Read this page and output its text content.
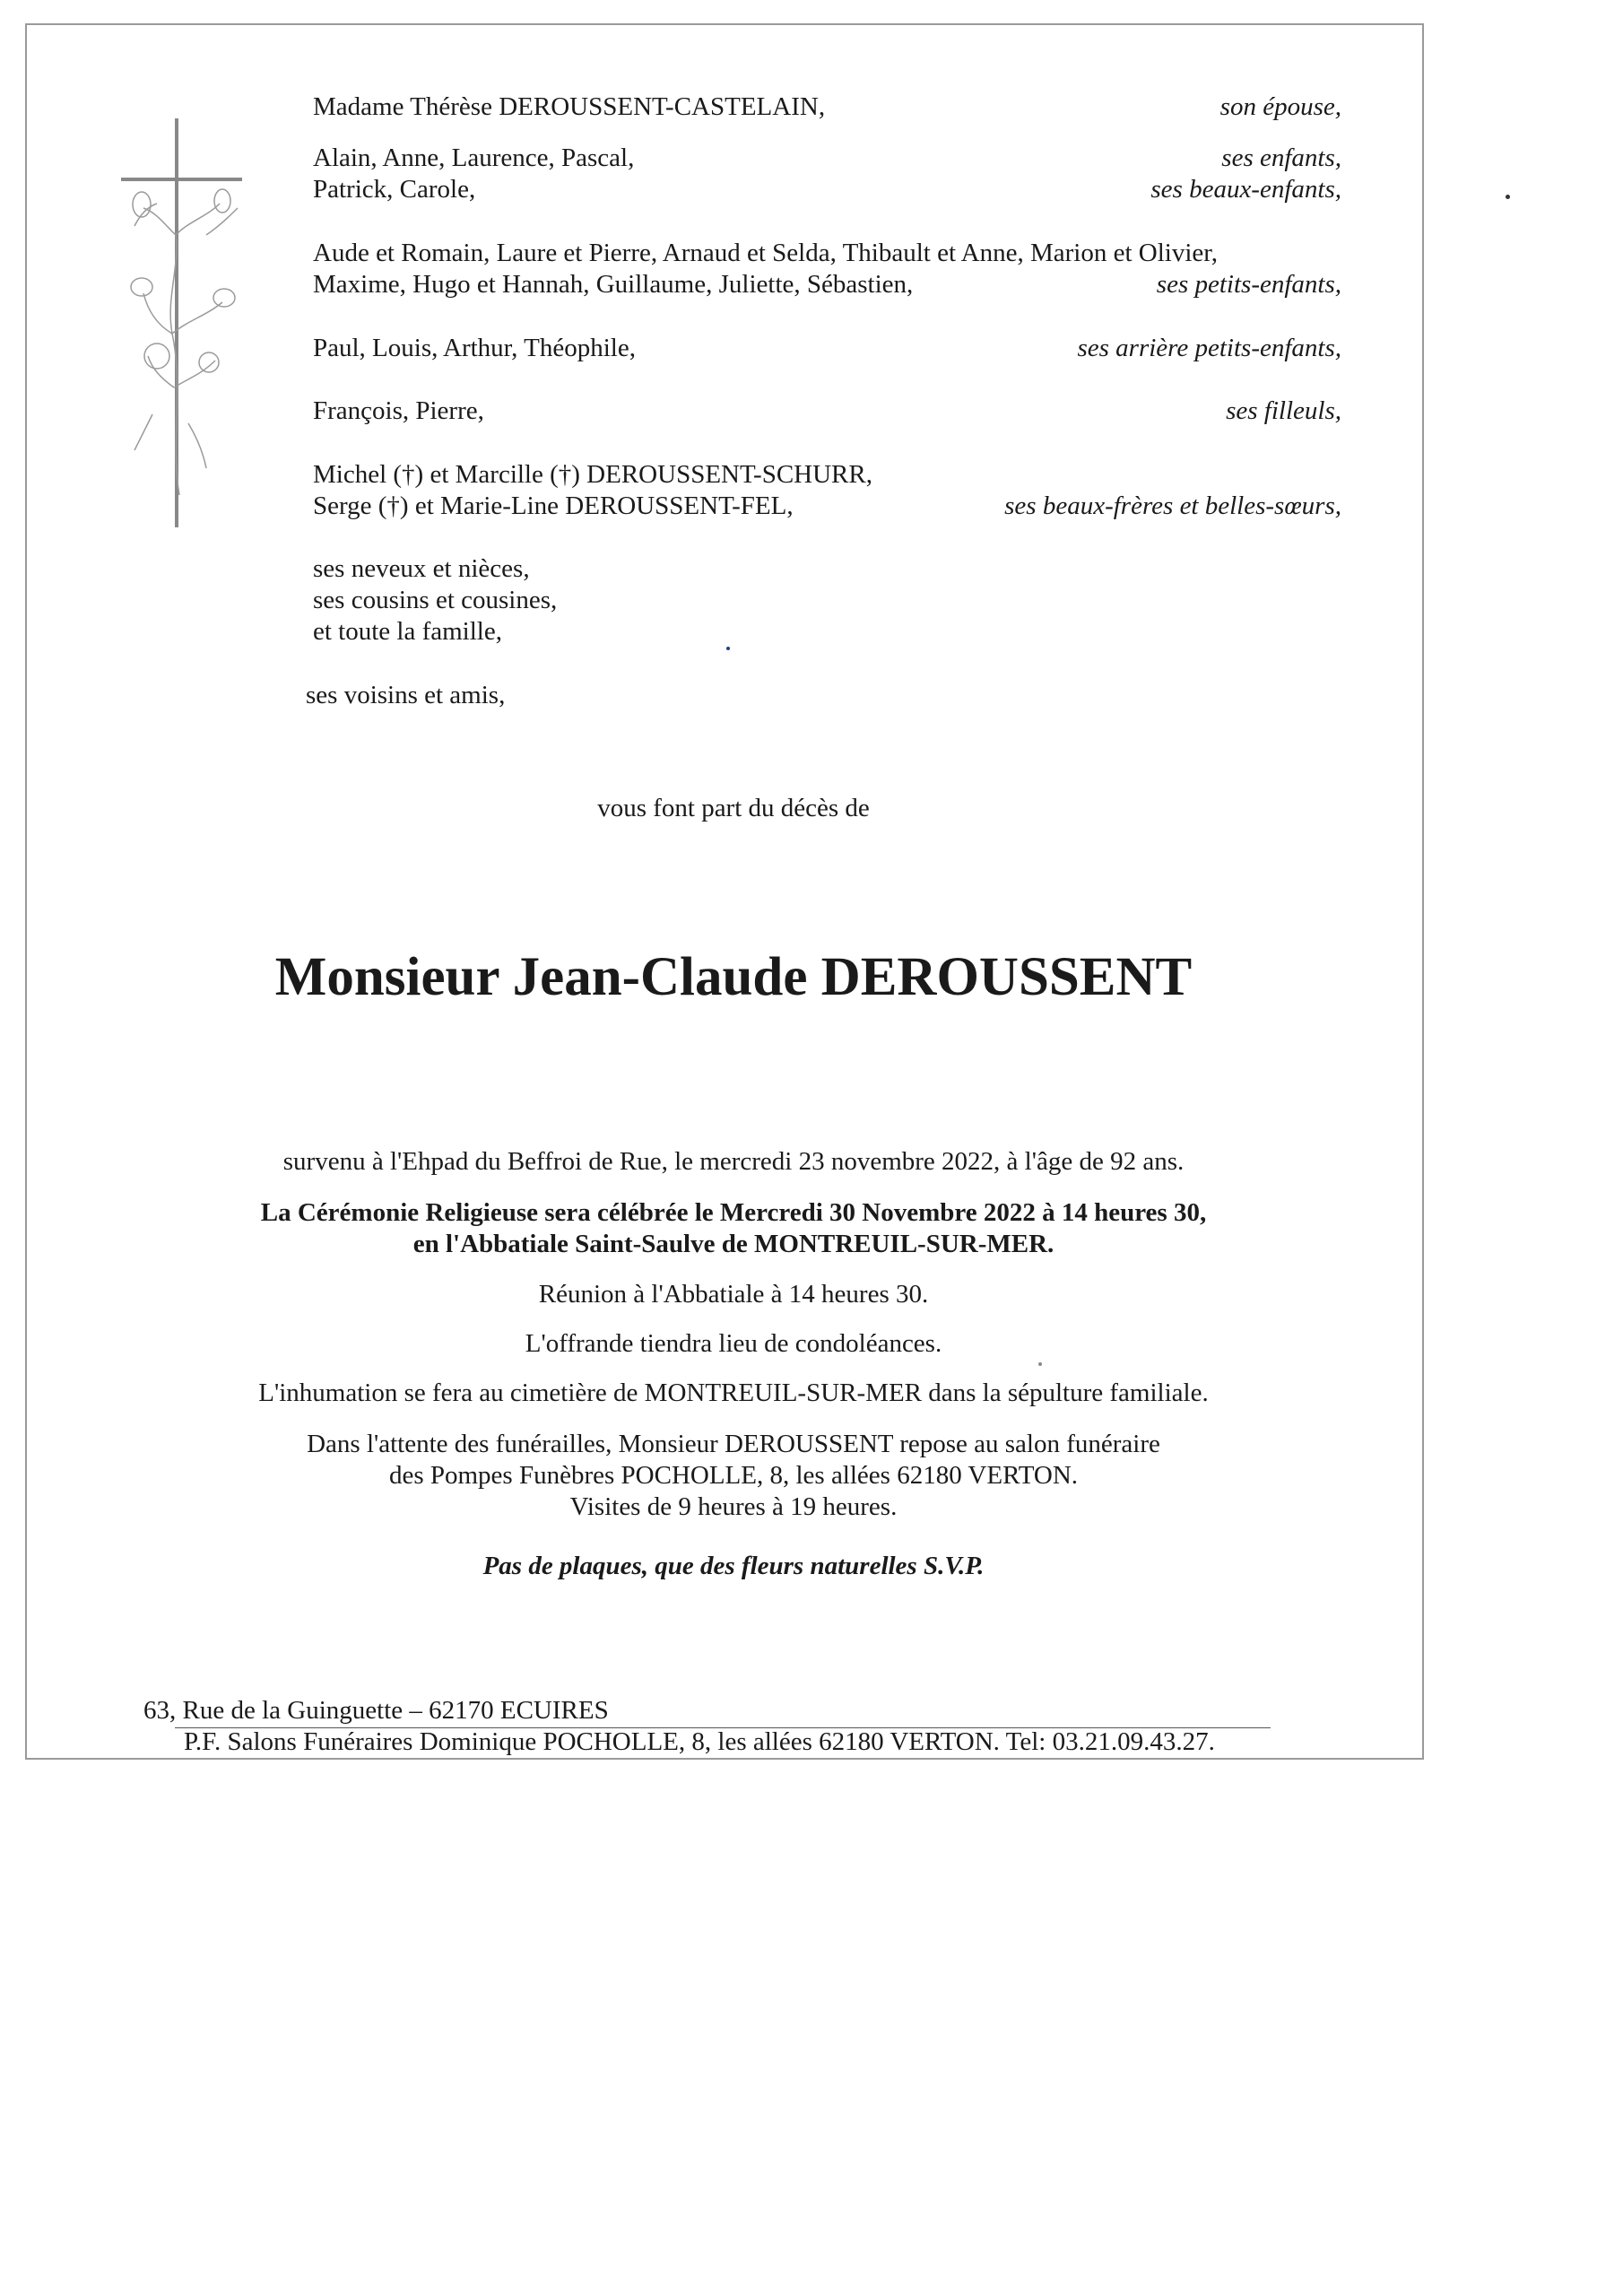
Madame Thérèse DEROUSSENT-CASTELAIN,	son épouse,
Alain, Anne, Laurence, Pascal,	ses enfants,
Patrick, Carole,	ses beaux-enfants,
Aude et Romain, Laure et Pierre, Arnaud et Selda, Thibault et Anne, Marion et Olivier,
Maxime, Hugo et Hannah, Guillaume, Juliette, Sébastien,	ses petits-enfants,
Paul, Louis, Arthur, Théophile,	ses arrière petits-enfants,
François, Pierre,	ses filleuls,
Michel (†) et Marcille (†) DEROUSSENT-SCHURR,
Serge (†) et Marie-Line DEROUSSENT-FEL,	ses beaux-frères et belles-sœurs,
ses neveux et nièces,
ses cousins et cousines,
et toute la famille,
ses voisins et amis,
vous font part du décès de
Monsieur Jean-Claude DEROUSSENT
survenu à l'Ehpad du Beffroi de Rue, le mercredi 23 novembre 2022, à l'âge de 92 ans.
La Cérémonie Religieuse sera célébrée le Mercredi 30 Novembre 2022 à 14 heures 30,
en l'Abbatiale Saint-Saulve de MONTREUIL-SUR-MER.
Réunion à l'Abbatiale à 14 heures 30.
L'offrande tiendra lieu de condoléances.
L'inhumation se fera au cimetière de MONTREUIL-SUR-MER dans la sépulture familiale.
Dans l'attente des funérailles, Monsieur DEROUSSENT repose au salon funéraire
des Pompes Funèbres POCHOLLE, 8, les allées 62180 VERTON.
Visites de 9 heures à 19 heures.
Pas de plaques, que des fleurs naturelles S.V.P.
63, Rue de la Guinguette – 62170 ECUIRES
P.F. Salons Funéraires Dominique POCHOLLE, 8, les allées 62180 VERTON. Tel: 03.21.09.43.27.
